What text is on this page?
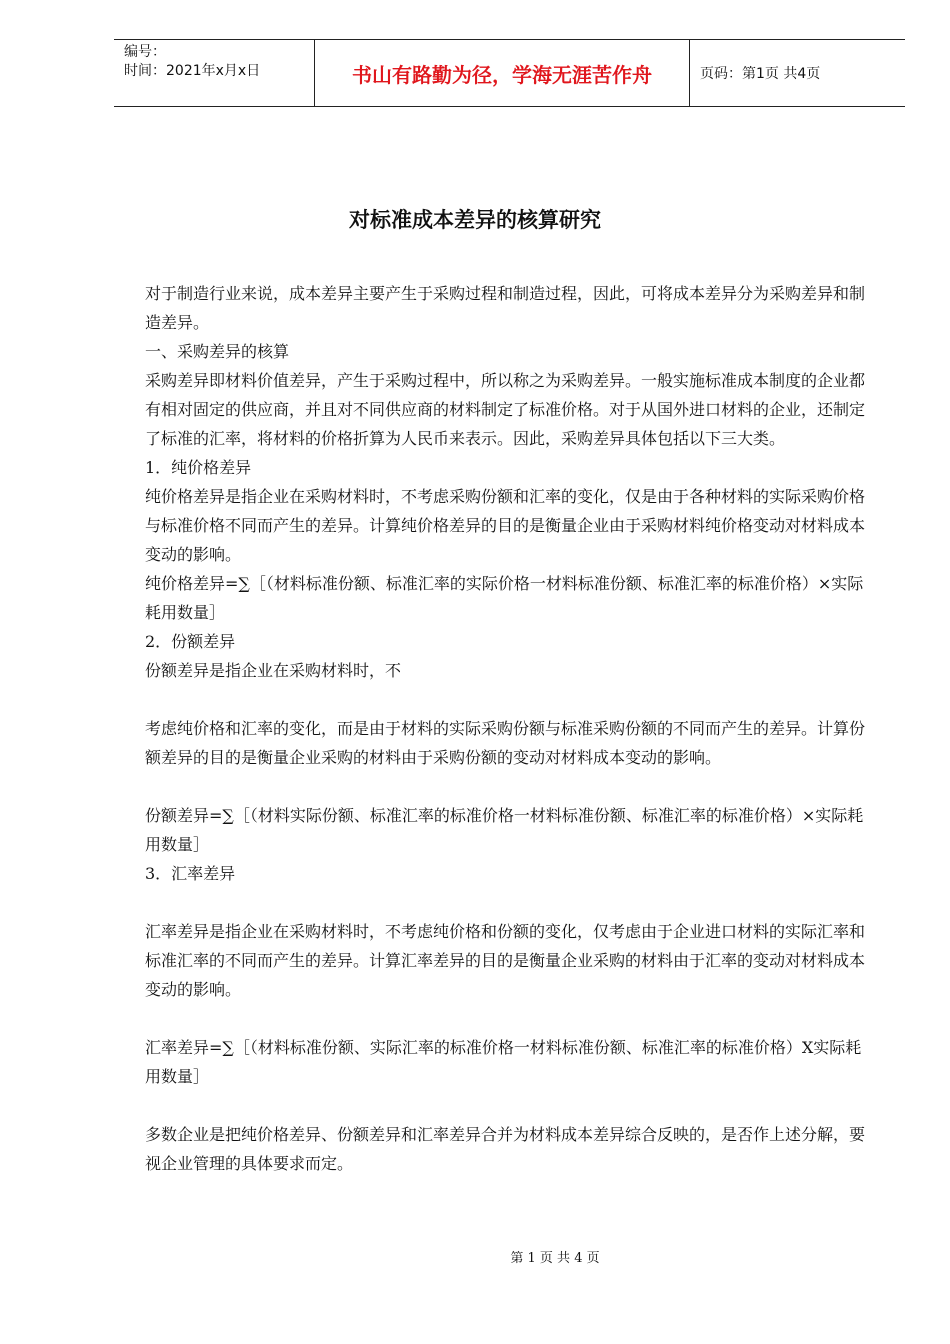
编号：
时间：2021年x月x日	书山有路勤为径，学海无涯苦作舟	页码：第1页 共4页
对标准成本差异的核算研究

对于制造行业来说，成本差异主要产生于采购过程和制造过程，因此，可将成本差异分为采购差异和制造差异。

一、采购差异的核算

采购差异即材料价值差异，产生于采购过程中，所以称之为采购差异。一般实施标准成本制度的企业都有相对固定的供应商，并且对不同供应商的材料制定了标准价格。对于从国外进口材料的企业，还制定了标准的汇率，将材料的价格折算为人民币来表示。因此，采购差异具体包括以下三大类。

1．纯价格差异

纯价格差异是指企业在采购材料时，不考虑采购份额和汇率的变化，仅是由于各种材料的实际采购价格与标准价格不同而产生的差异。计算纯价格差异的目的是衡量企业由于采购材料纯价格变动对材料成本变动的影响。

纯价格差异=∑［（材料标准份额、标准汇率的实际价格一材料标准份额、标准汇率的标准价格）×实际耗用数量］

2．份额差异

份额差异是指企业在采购材料时，不

考虑纯价格和汇率的变化，而是由于材料的实际采购份额与标准采购份额的不同而产生的差异。计算份额差异的目的是衡量企业采购的材料由于采购份额的变动对材料成本变动的影响。

份额差异=∑［（材料实际份额、标准汇率的标准价格一材料标准份额、标准汇率的标准价格）×实际耗用数量］

3．汇率差异

汇率差异是指企业在采购材料时，不考虑纯价格和份额的变化，仅考虑由于企业进口材料的实际汇率和标准汇率的不同而产生的差异。计算汇率差异的目的是衡量企业采购的材料由于汇率的变动对材料成本变动的影响。

汇率差异=∑［（材料标准份额、实际汇率的标准价格一材料标准份额、标准汇率的标准价格）X实际耗用数量］

多数企业是把纯价格差异、份额差异和汇率差异合并为材料成本差异综合反映的，是否作上述分解，要视企业管理的具体要求而定。

第 1 页 共 4 页
